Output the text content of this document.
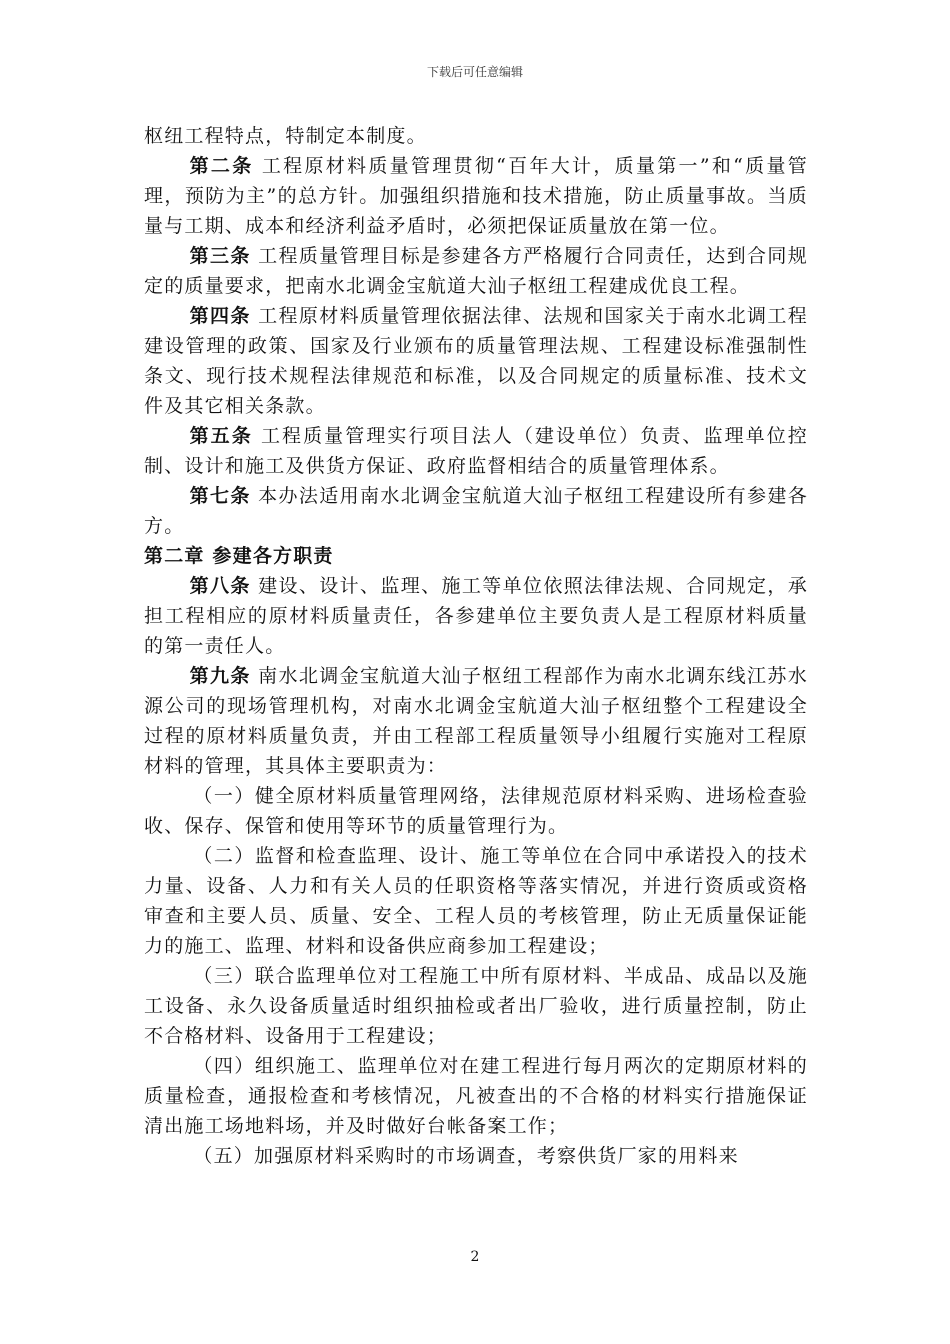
下载后可任意编辑

枢纽工程特点，特制定本制度。

第二条 工程原材料质量管理贯彻“百年大计，质量第一”和“质量管理，预防为主”的总方针。加强组织措施和技术措施，防止质量事故。当质量与工期、成本和经济利益矛盾时，必须把保证质量放在第一位。

第三条 工程质量管理目标是参建各方严格履行合同责任，达到合同规定的质量要求，把南水北调金宝航道大汕子枢纽工程建成优良工程。

第四条 工程原材料质量管理依据法律、法规和国家关于南水北调工程建设管理的政策、国家及行业颁布的质量管理法规、工程建设标准强制性条文、现行技术规程法律规范和标准，以及合同规定的质量标准、技术文件及其它相关条款。

第五条 工程质量管理实行项目法人（建设单位）负责、监理单位控制、设计和施工及供货方保证、政府监督相结合的质量管理体系。

第七条 本办法适用南水北调金宝航道大汕子枢纽工程建设所有参建各方。

第二章 参建各方职责

第八条 建设、设计、监理、施工等单位依照法律法规、合同规定，承担工程相应的原材料质量责任，各参建单位主要负责人是工程原材料质量的第一责任人。

第九条 南水北调金宝航道大汕子枢纽工程部作为南水北调东线江苏水源公司的现场管理机构，对南水北调金宝航道大汕子枢纽整个工程建设全过程的原材料质量负责，并由工程部工程质量领导小组履行实施对工程原材料的管理，其具体主要职责为：

（一）健全原材料质量管理网络，法律规范原材料采购、进场检查验收、保存、保管和使用等环节的质量管理行为。

（二）监督和检查监理、设计、施工等单位在合同中承诺投入的技术力量、设备、人力和有关人员的任职资格等落实情况，并进行资质或资格审查和主要人员、质量、安全、工程人员的考核管理，防止无质量保证能力的施工、监理、材料和设备供应商参加工程建设；

（三）联合监理单位对工程施工中所有原材料、半成品、成品以及施工设备、永久设备质量适时组织抽检或者出厂验收，进行质量控制，防止不合格材料、设备用于工程建设；

（四）组织施工、监理单位对在建工程进行每月两次的定期原材料的质量检查，通报检查和考核情况，凡被查出的不合格的材料实行措施保证清出施工场地料场，并及时做好台帐备案工作；

（五）加强原材料采购时的市场调查，考察供货厂家的用料来

2
